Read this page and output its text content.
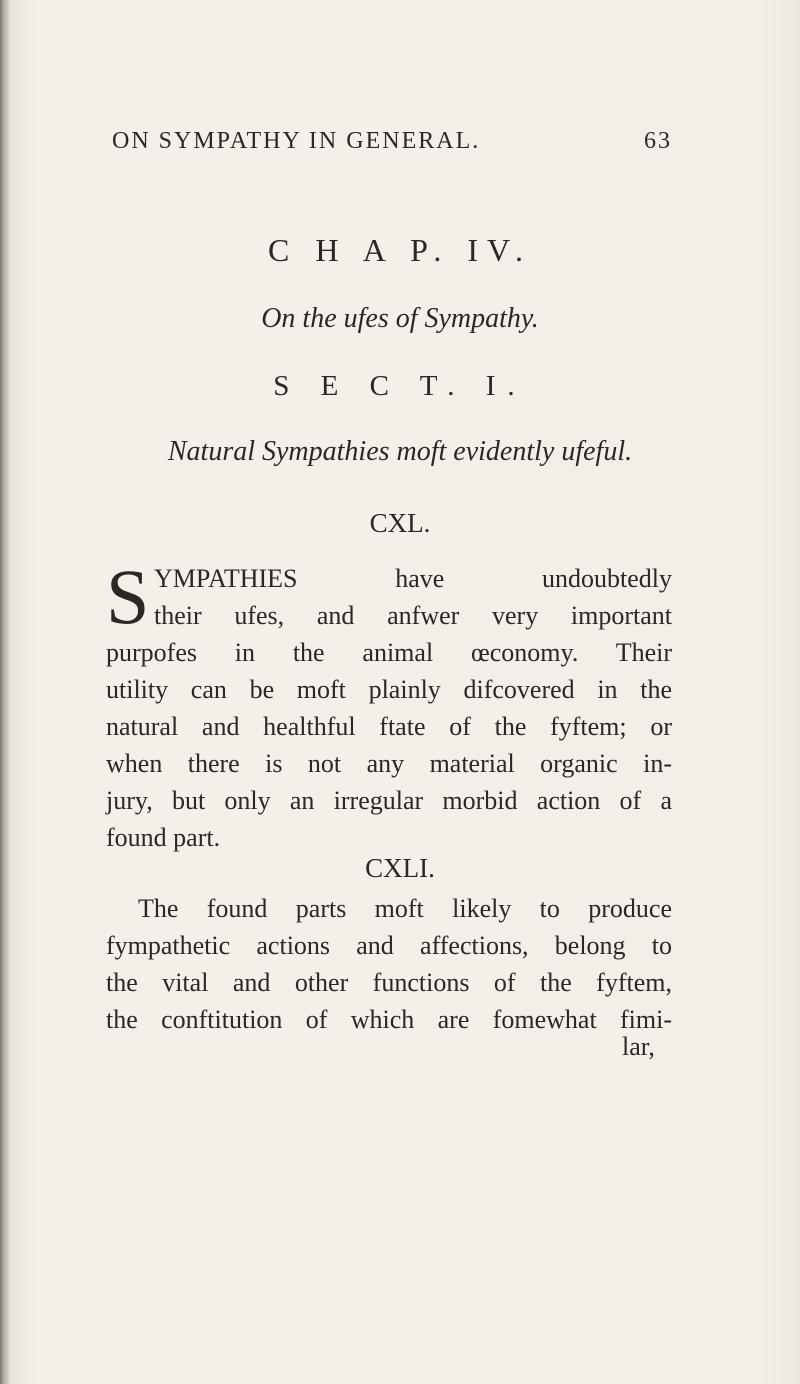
ON SYMPATHY IN GENERAL.	63
C H A P. IV.
On the ufes of Sympathy.
S E C T. I.
Natural Sympathies moft evidently ufeful.
CXL.
S YMPATHIES have undoubtedly
their ufes, and anfwer very important
purpofes in the animal œconomy. Their
utility can be moft plainly difcovered in the
natural and healthful ftate of the fyftem; or
when there is not any material organic in-
jury, but only an irregular morbid action of a
found part.
CXLI.
The found parts moft likely to produce
fympathetic actions and affections, belong to
the vital and other functions of the fyftem,
the conftitution of which are fomewhat fimi-
lar,
